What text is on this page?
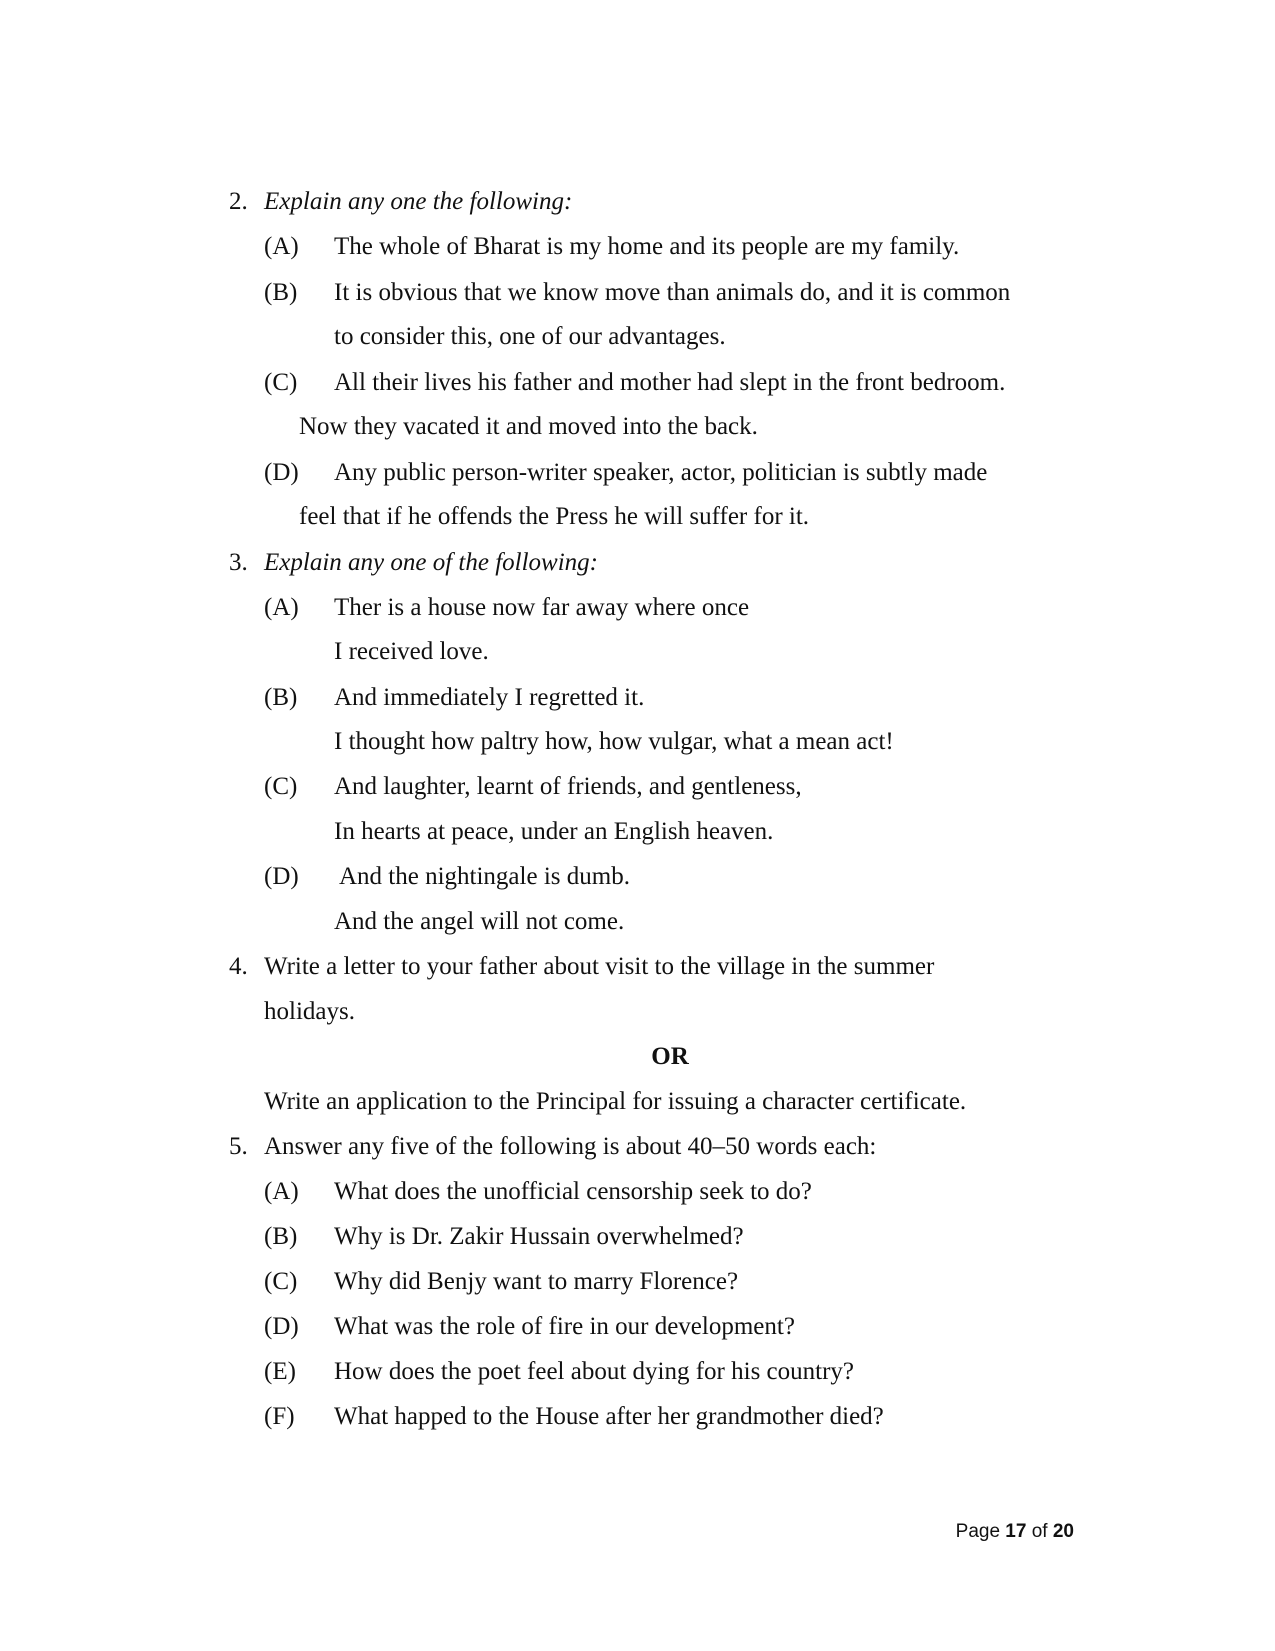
2. Explain any one the following:
(A) The whole of Bharat is my home and its people are my family.
(B) It is obvious that we know move than animals do, and it is common
to consider this, one of our advantages.
(C) All their lives his father and mother had slept in the front bedroom.
Now they vacated it and moved into the back.
(D) Any public person-writer speaker, actor, politician is subtly made
feel that if he offends the Press he will suffer for it.
3. Explain any one of the following:
(A) Ther is a house now far away where once
I received love.
(B) And immediately I regretted it.
I thought how paltry how, how vulgar, what a mean act!
(C) And laughter, learnt of friends, and gentleness,
In hearts at peace, under an English heaven.
(D) And the nightingale is dumb.
And the angel will not come.
4. Write a letter to your father about visit to the village in the summer
holidays.
OR
Write an application to the Principal for issuing a character certificate.
5. Answer any five of the following is about 40–50 words each:
(A) What does the unofficial censorship seek to do?
(B) Why is Dr. Zakir Hussain overwhelmed?
(C) Why did Benjy want to marry Florence?
(D) What was the role of fire in our development?
(E) How does the poet feel about dying for his country?
(F) What happed to the House after her grandmother died?
Page 17 of 20
